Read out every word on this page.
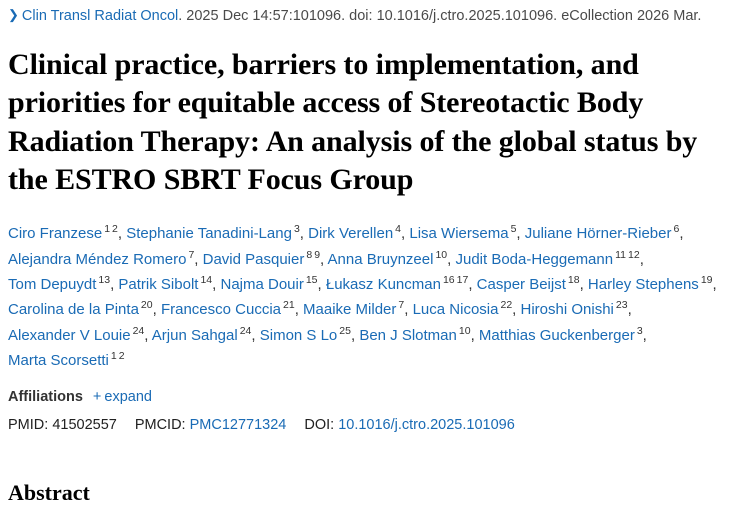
❯ Clin Transl Radiat Oncol. 2025 Dec 14:57:101096. doi: 10.1016/j.ctro.2025.101096. eCollection 2026 Mar.
Clinical practice, barriers to implementation, and priorities for equitable access of Stereotactic Body Radiation Therapy: An analysis of the global status by the ESTRO SBRT Focus Group
Ciro Franzese $^1$ $^2$, Stephanie Tanadini-Lang $^3$, Dirk Verellen $^4$, Lisa Wiersema $^5$, Juliane Hörner-Rieber $^6$, Alejandra Méndez Romero $^7$, David Pasquier $^8$ $^9$, Anna Bruynzeel $^{10}$, Judit Boda-Heggemann $^{11}$ $^{12}$, Tom Depuydt $^{13}$, Patrik Sibolt $^{14}$, Najma Douir $^{15}$, Łukasz Kuncman $^{16}$ $^{17}$, Casper Beijst $^{18}$, Harley Stephens $^{19}$, Carolina de la Pinta $^{20}$, Francesco Cuccia $^{21}$, Maaike Milder $^7$, Luca Nicosia $^{22}$, Hiroshi Onishi $^{23}$, Alexander V Louie $^{24}$, Arjun Sahgal $^{24}$, Simon S Lo $^{25}$, Ben J Slotman $^{10}$, Matthias Guckenberger $^3$, Marta Scorsetti $^1$ $^2$
Affiliations + expand
PMID: 41502557 PMCID: PMC12771324 DOI: 10.1016/j.ctro.2025.101096
Abstract
